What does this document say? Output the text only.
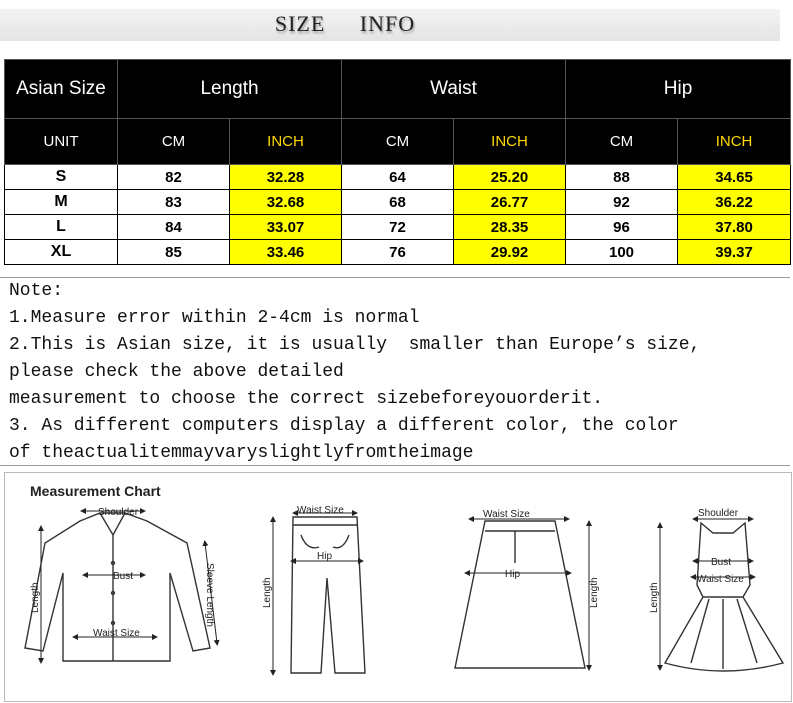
SIZE INFO
Asian Size	Length		Waist		Hip	
UNIT	CM	INCH	CM	INCH	CM	INCH
S	82	32.28	64	25.20	88	34.65
M	83	32.68	68	26.77	92	36.22
L	84	33.07	72	28.35	96	37.80
XL	85	33.46	76	29.92	100	39.37
Note:
1.Measure error within 2-4cm is normal
2.This is Asian size, it is usually  smaller than Europe’s size,
please check the above detailed
measurement to choose the correct sizebeforeyouorderit.
3. As different computers display a different color, the color
of theactualitemmayvaryslightlyfromtheimage
Measurement Chart
Shoulder
Bust
Waist Size
Length	Sleeve Length
Waist Size
Hip
Length
Waist Size
Hip
Length
Shoulder
Bust
Waist Size
Length
